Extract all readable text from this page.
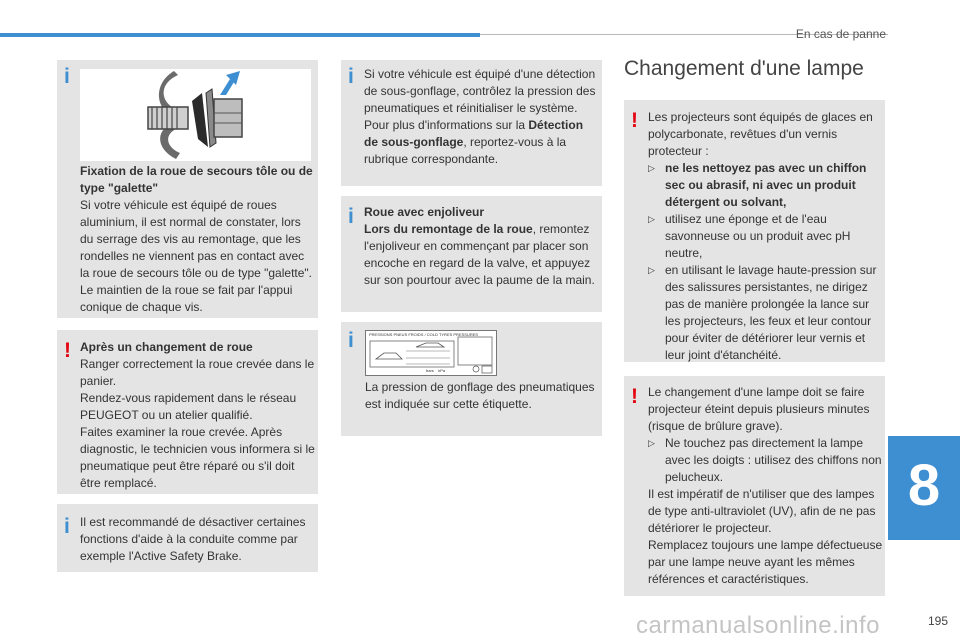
En cas de panne
8
195
carmanualsonline.info
i

Fixation de la roue de secours tôle ou de type "galette"

Si votre véhicule est équipé de roues aluminium, il est normal de constater, lors du serrage des vis au remontage, que les rondelles ne viennent pas en contact avec la roue de secours tôle ou de type "galette". Le maintien de la roue se fait par l'appui conique de chaque vis.

! Après un changement de roue

Ranger correctement la roue crevée dans le panier.
Rendez-vous rapidement dans le réseau PEUGEOT ou un atelier qualifié.
Faites examiner la roue crevée. Après diagnostic, le technicien vous informera si le pneumatique peut être réparé ou s'il doit être remplacé.

i Il est recommandé de désactiver certaines fonctions d'aide à la conduite comme par exemple l'Active Safety Brake.

i Si votre véhicule est équipé d'une détection de sous-gonflage, contrôlez la pression des pneumatiques et réinitialiser le système.
Pour plus d'informations sur la Détection de sous-gonflage, reportez-vous à la rubrique correspondante.

i Roue avec enjoliveur

Lors du remontage de la roue, remontez l'enjoliveur en commençant par placer son encoche en regard de la valve, et appuyez sur son pourtour avec la paume de la main.

i	PRESSIONS PNEUS FROIDS / COLD TYRES PRESSURES
bars    kPa

La pression de gonflage des pneumatiques est indiquée sur cette étiquette.

Changement d'une lampe
! Les projecteurs sont équipés de glaces en polycarbonate, revêtues d'un vernis protecteur :

▷ ne les nettoyez pas avec un chiffon sec ou abrasif, ni avec un produit détergent ou solvant,
▷ utilisez une éponge et de l'eau savonneuse ou un produit avec pH neutre,
▷ en utilisant le lavage haute-pression sur des salissures persistantes, ne dirigez pas de manière prolongée la lance sur les projecteurs, les feux et leur contour pour éviter de détériorer leur vernis et leur joint d'étanchéité.
! Le changement d'une lampe doit se faire projecteur éteint depuis plusieurs minutes (risque de brûlure grave).

▷ Ne touchez pas directement la lampe avec les doigts : utilisez des chiffons non pelucheux.

Il est impératif de n'utiliser que des lampes de type anti-ultraviolet (UV), afin de ne pas détériorer le projecteur.
Remplacez toujours une lampe défectueuse par une lampe neuve ayant les mêmes références et caractéristiques.
